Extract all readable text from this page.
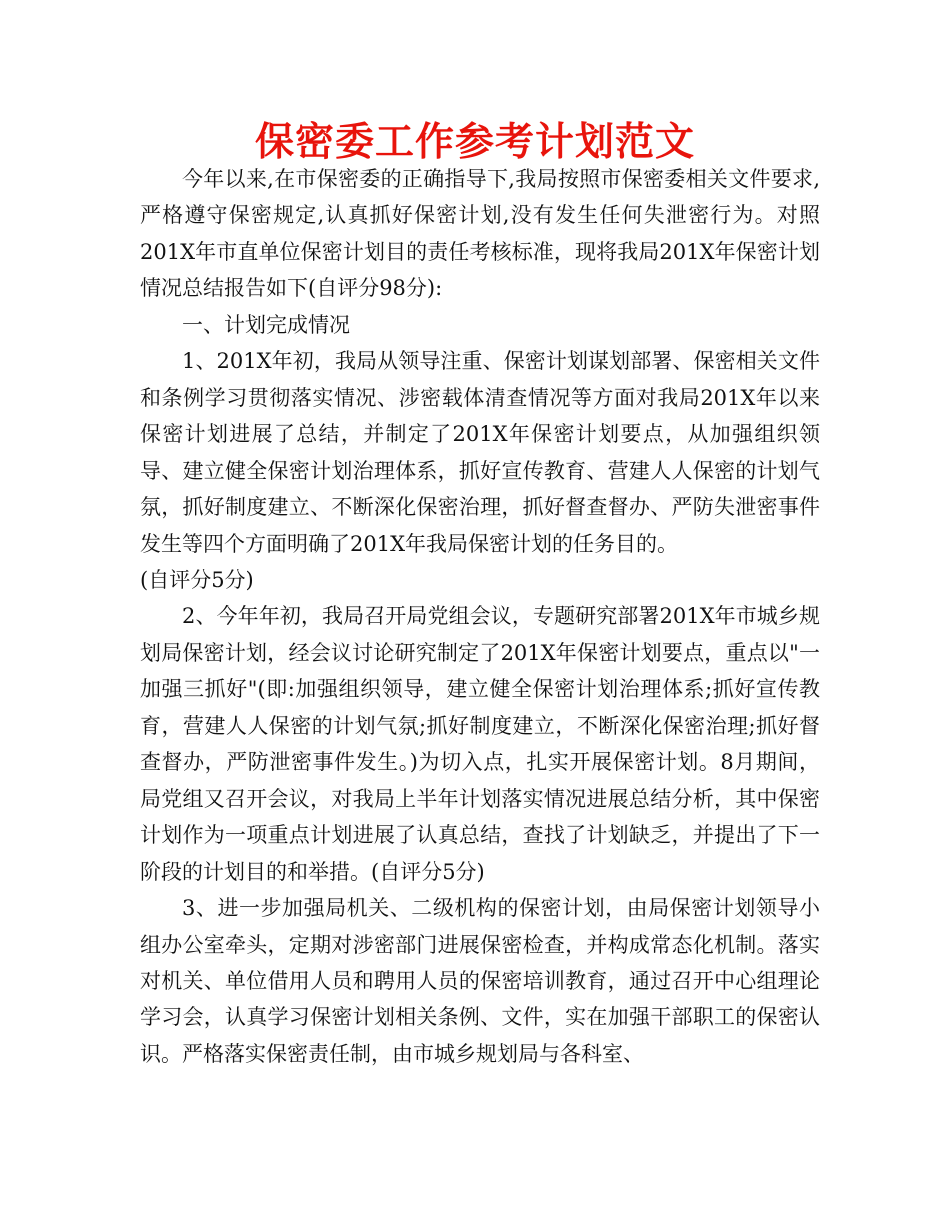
保密委工作参考计划范文

今年以来,在市保密委的正确指导下,我局按照市保密委相关文件要求,严格遵守保密规定,认真抓好保密计划,没有发生任何失泄密行为。对照201X年市直单位保密计划目的责任考核标准，现将我局201X年保密计划情况总结报告如下(自评分98分):

一、计划完成情况

1、201X年初，我局从领导注重、保密计划谋划部署、保密相关文件和条例学习贯彻落实情况、涉密载体清查情况等方面对我局201X年以来保密计划进展了总结，并制定了201X年保密计划要点，从加强组织领导、建立健全保密计划治理体系，抓好宣传教育、营建人人保密的计划气氛，抓好制度建立、不断深化保密治理，抓好督查督办、严防失泄密事件发生等四个方面明确了201X年我局保密计划的任务目的。

(自评分5分)

2、今年年初，我局召开局党组会议，专题研究部署201X年市城乡规划局保密计划，经会议讨论研究制定了201X年保密计划要点，重点以"一加强三抓好"(即:加强组织领导，建立健全保密计划治理体系;抓好宣传教育，营建人人保密的计划气氛;抓好制度建立，不断深化保密治理;抓好督查督办，严防泄密事件发生。)为切入点，扎实开展保密计划。8月期间，局党组又召开会议，对我局上半年计划落实情况进展总结分析，其中保密计划作为一项重点计划进展了认真总结，查找了计划缺乏，并提出了下一阶段的计划目的和举措。(自评分5分)

3、进一步加强局机关、二级机构的保密计划，由局保密计划领导小组办公室牵头，定期对涉密部门进展保密检查，并构成常态化机制。落实对机关、单位借用人员和聘用人员的保密培训教育，通过召开中心组理论学习会，认真学习保密计划相关条例、文件，实在加强干部职工的保密认识。严格落实保密责任制，由市城乡规划局与各科室、
